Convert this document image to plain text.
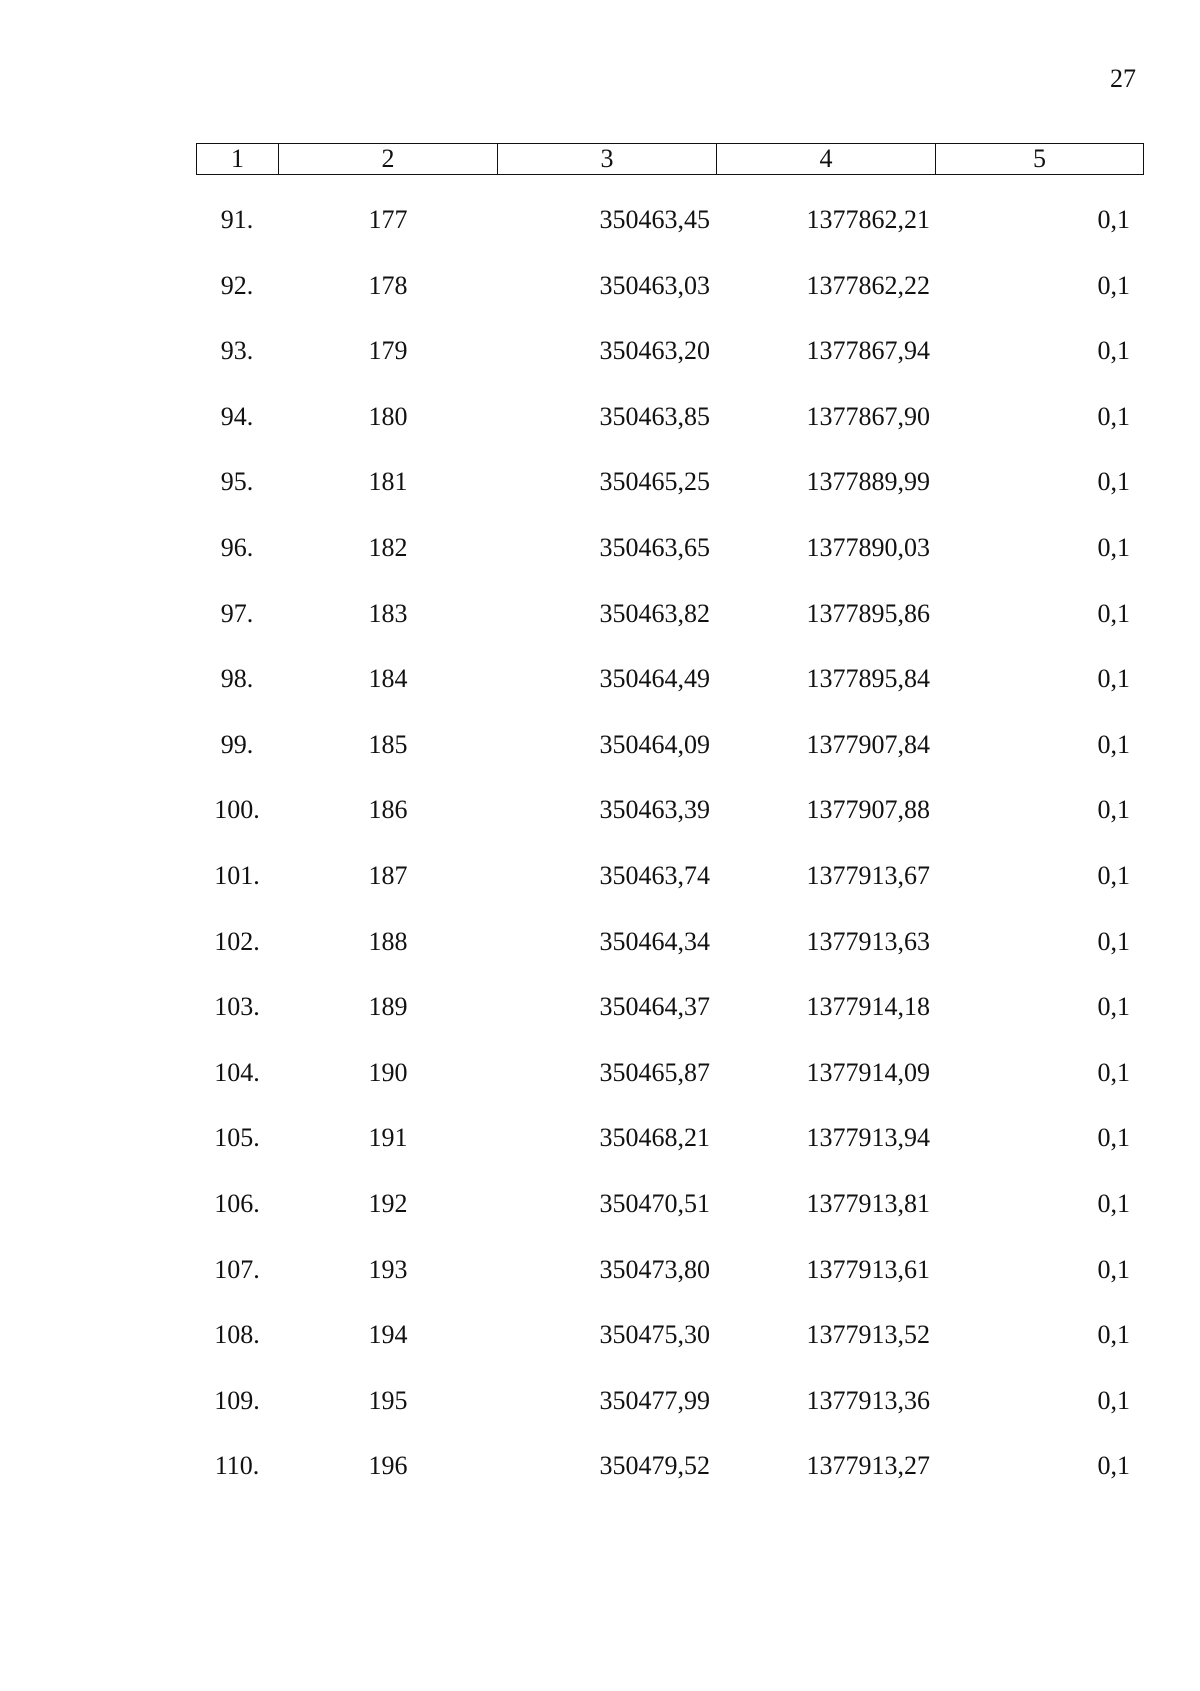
27
1	2	3	4	5
91.	177	350463,45	1377862,21	0,1
92.	178	350463,03	1377862,22	0,1
93.	179	350463,20	1377867,94	0,1
94.	180	350463,85	1377867,90	0,1
95.	181	350465,25	1377889,99	0,1
96.	182	350463,65	1377890,03	0,1
97.	183	350463,82	1377895,86	0,1
98.	184	350464,49	1377895,84	0,1
99.	185	350464,09	1377907,84	0,1
100.	186	350463,39	1377907,88	0,1
101.	187	350463,74	1377913,67	0,1
102.	188	350464,34	1377913,63	0,1
103.	189	350464,37	1377914,18	0,1
104.	190	350465,87	1377914,09	0,1
105.	191	350468,21	1377913,94	0,1
106.	192	350470,51	1377913,81	0,1
107.	193	350473,80	1377913,61	0,1
108.	194	350475,30	1377913,52	0,1
109.	195	350477,99	1377913,36	0,1
110.	196	350479,52	1377913,27	0,1
